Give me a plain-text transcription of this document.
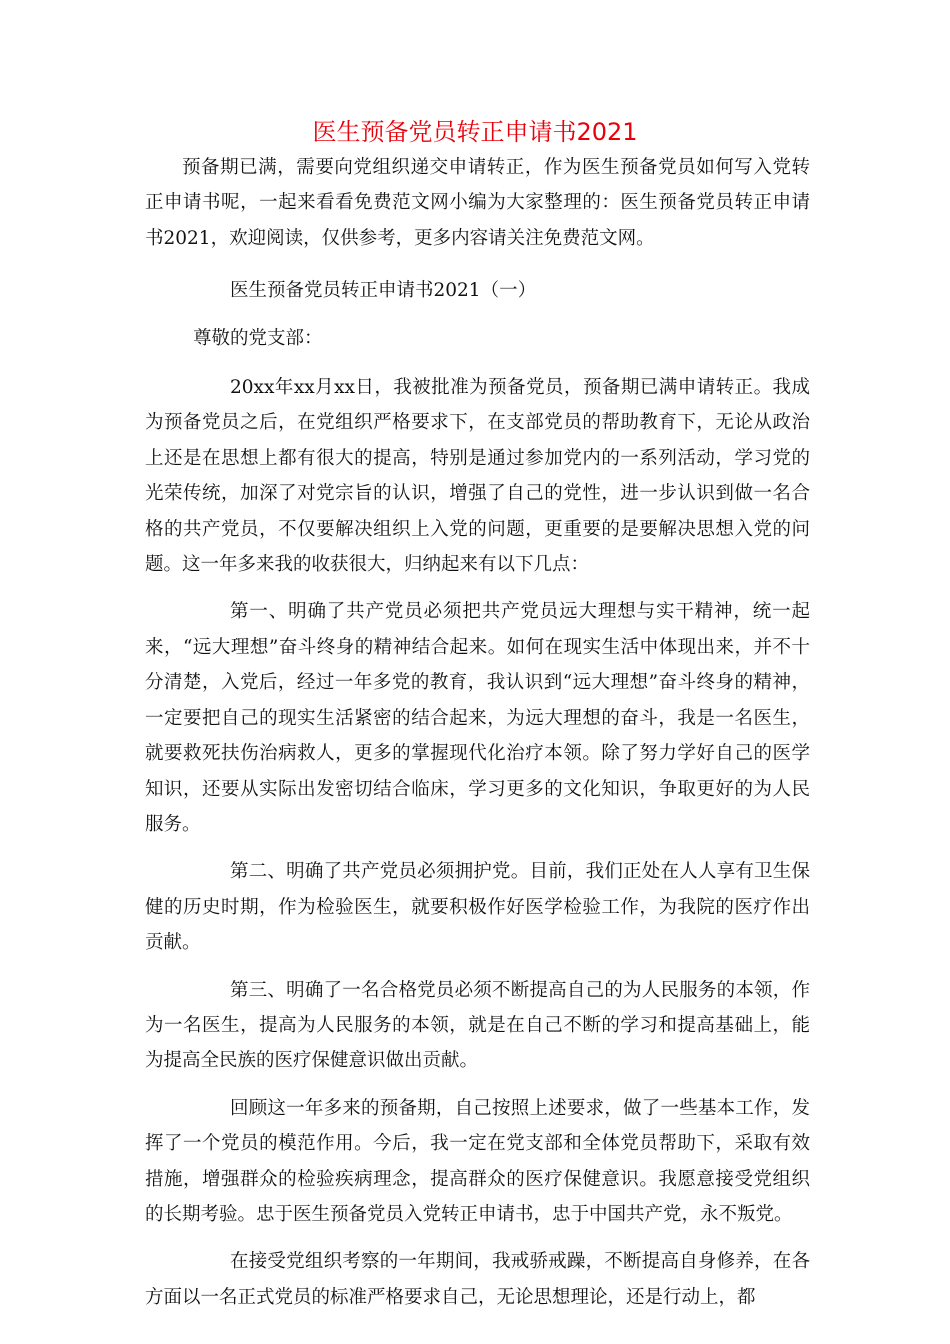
医生预备党员转正申请书2021

预备期已满，需要向党组织递交申请转正，作为医生预备党员如何写入党转正申请书呢，一起来看看免费范文网小编为大家整理的：医生预备党员转正申请书2021，欢迎阅读，仅供参考，更多内容请关注免费范文网。

医生预备党员转正申请书2021（一）

尊敬的党支部：

20xx年xx月xx日，我被批准为预备党员，预备期已满申请转正。我成为预备党员之后，在党组织严格要求下，在支部党员的帮助教育下，无论从政治上还是在思想上都有很大的提高，特别是通过参加党内的一系列活动，学习党的光荣传统，加深了对党宗旨的认识，增强了自己的党性，进一步认识到做一名合格的共产党员，不仅要解决组织上入党的问题，更重要的是要解决思想入党的问题。这一年多来我的收获很大，归纳起来有以下几点：

第一、明确了共产党员必须把共产党员远大理想与实干精神，统一起来，“远大理想”奋斗终身的精神结合起来。如何在现实生活中体现出来，并不十分清楚，入党后，经过一年多党的教育，我认识到“远大理想”奋斗终身的精神，一定要把自己的现实生活紧密的结合起来，为远大理想的奋斗，我是一名医生，就要救死扶伤治病救人，更多的掌握现代化治疗本领。除了努力学好自己的医学知识，还要从实际出发密切结合临床，学习更多的文化知识，争取更好的为人民服务。

第二、明确了共产党员必须拥护党。目前，我们正处在人人享有卫生保健的历史时期，作为检验医生，就要积极作好医学检验工作，为我院的医疗作出贡献。

第三、明确了一名合格党员必须不断提高自己的为人民服务的本领，作为一名医生，提高为人民服务的本领，就是在自己不断的学习和提高基础上，能为提高全民族的医疗保健意识做出贡献。

回顾这一年多来的预备期，自己按照上述要求，做了一些基本工作，发挥了一个党员的模范作用。今后，我一定在党支部和全体党员帮助下，采取有效措施，增强群众的检验疾病理念，提高群众的医疗保健意识。我愿意接受党组织的长期考验。忠于医生预备党员入党转正申请书，忠于中国共产党，永不叛党。

在接受党组织考察的一年期间，我戒骄戒躁，不断提高自身修养，在各方面以一名正式党员的标准严格要求自己，无论思想理论，还是行动上，都
